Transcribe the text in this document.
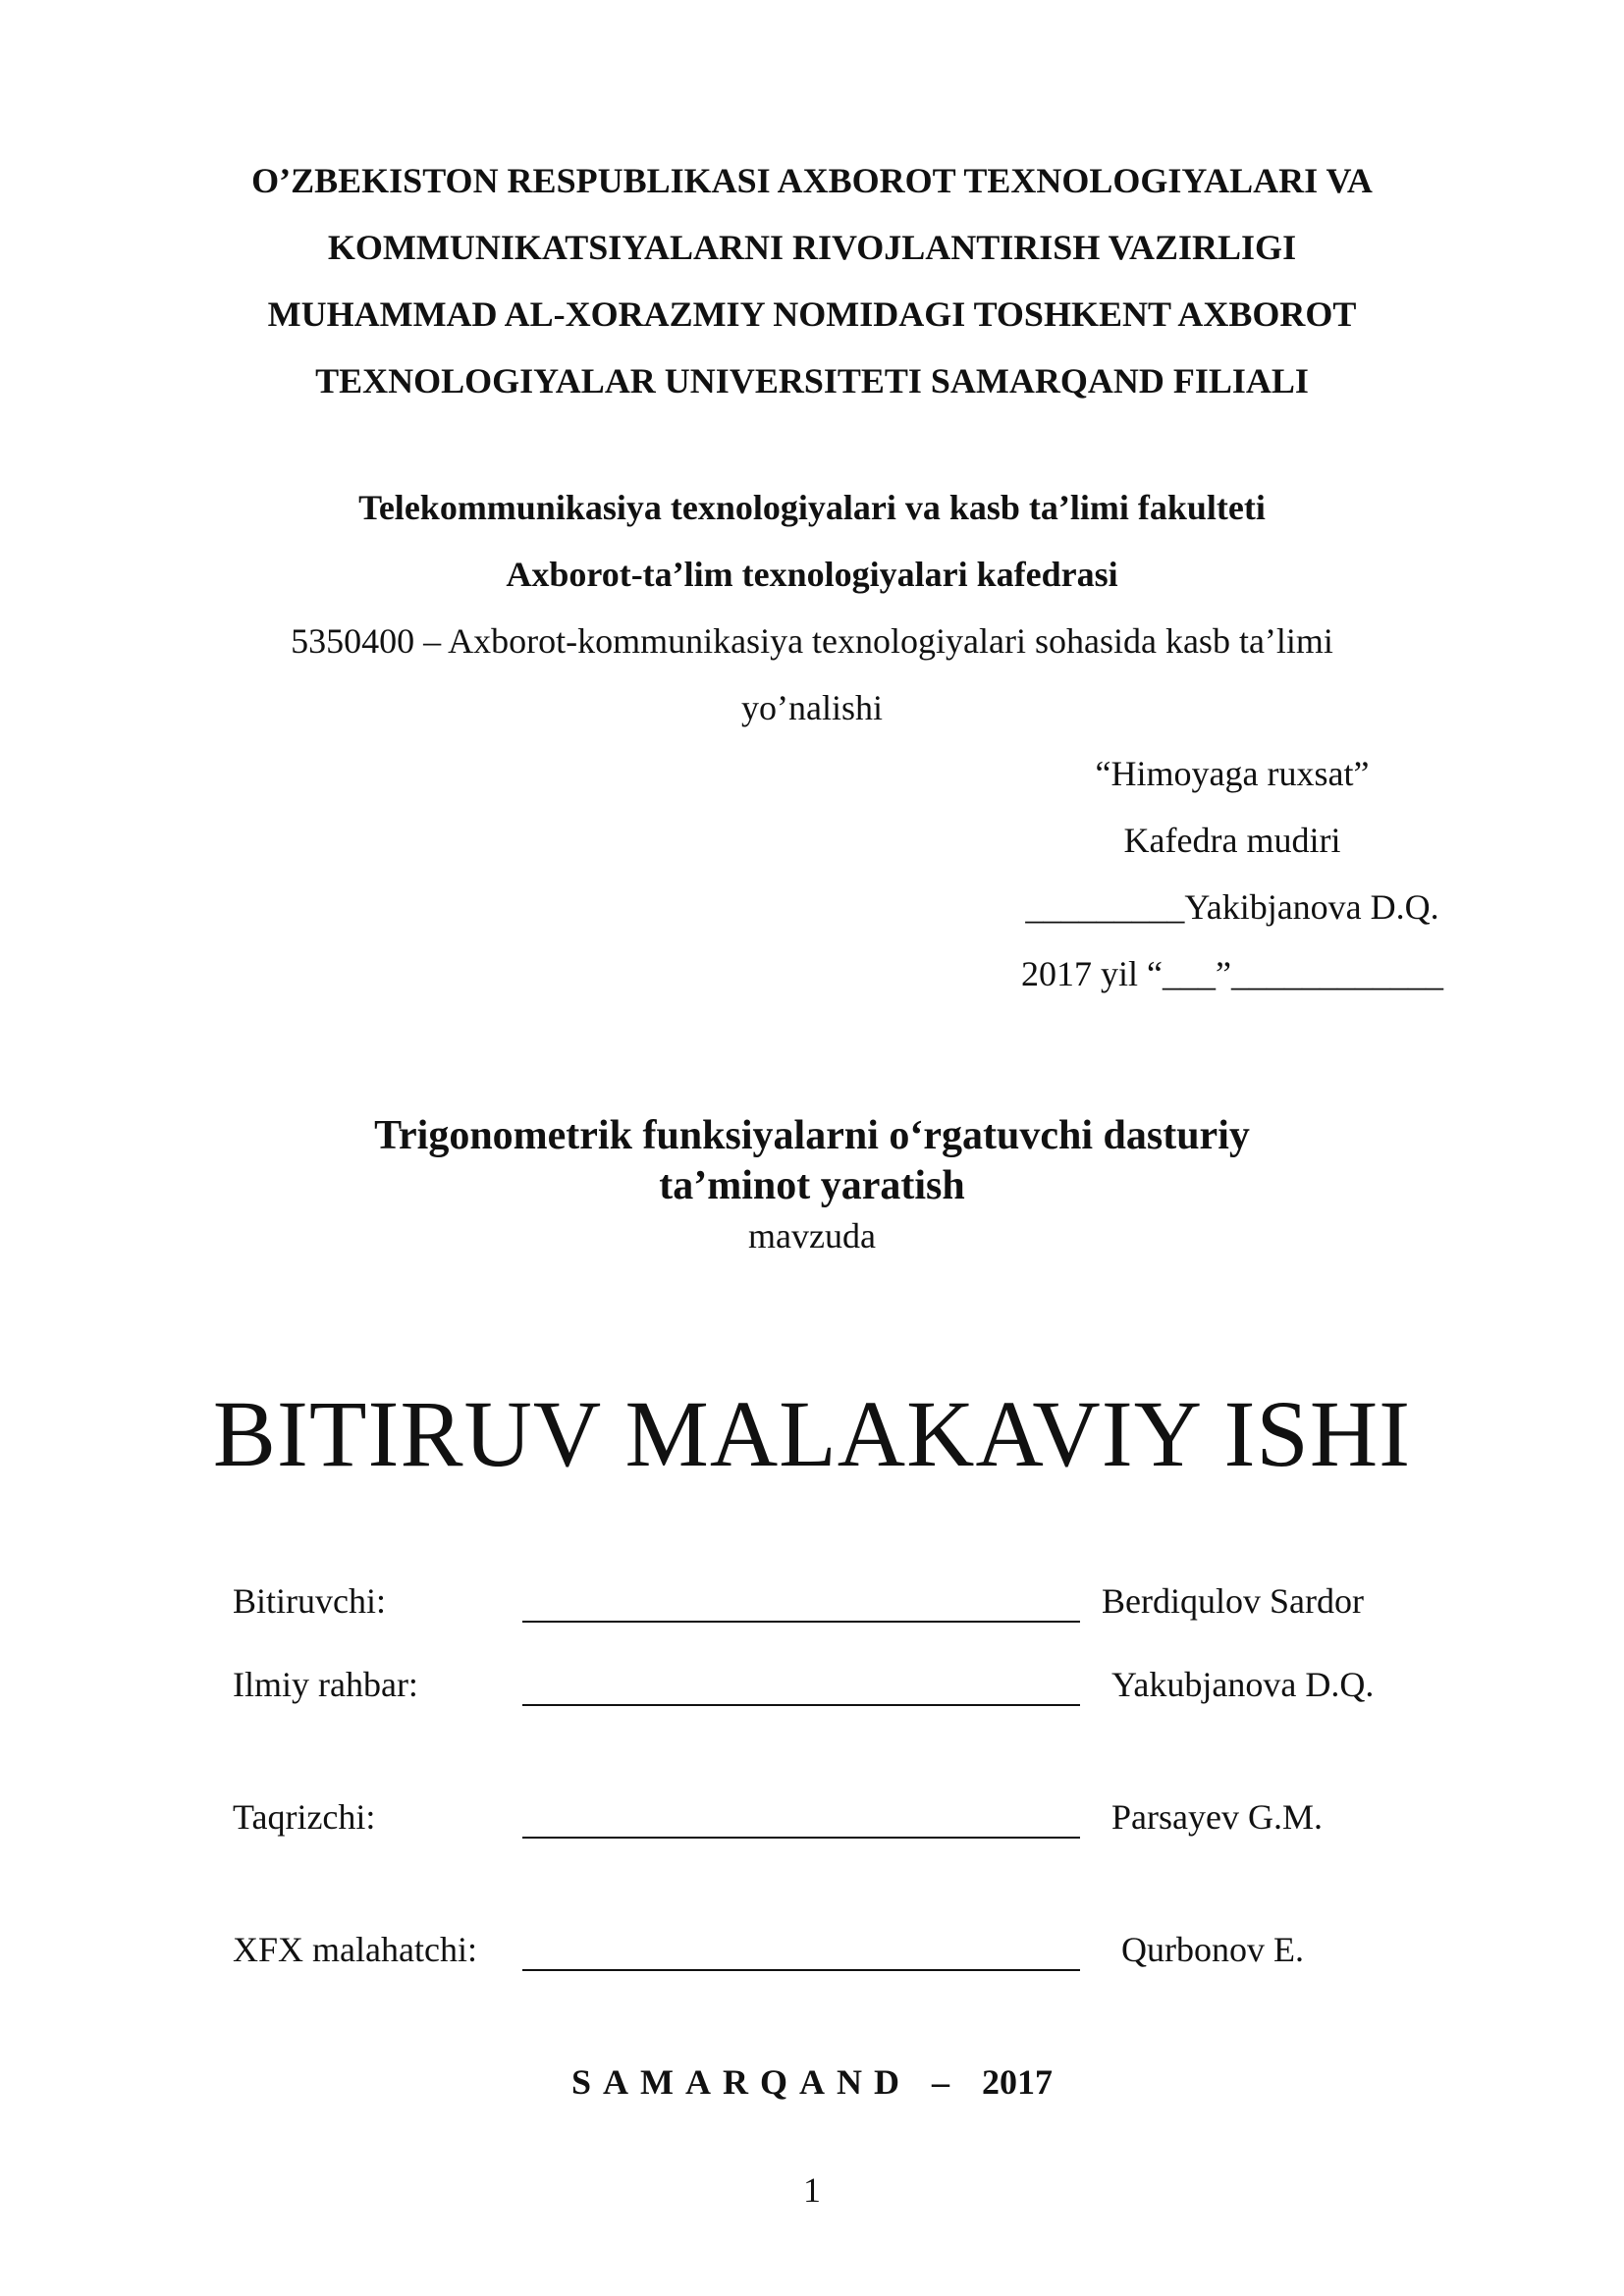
O’ZBEKISTON RESPUBLIKASI AXBOROT TEXNOLOGIYALARI VA
KOMMUNIKATSIYALARNI RIVOJLANTIRISH VAZIRLIGI
MUHAMMAD AL-XORAZMIY NOMIDAGI TOSHKENT AXBOROT
TEXNOLOGIYALAR UNIVERSITETI SAMARQAND FILIALI
Telekommunikasiya texnologiyalari va kasb ta’limi fakulteti
Axborot-ta’lim texnologiyalari kafedrasi
5350400 – Axborot-kommunikasiya texnologiyalari sohasida kasb ta’limi
yo’nalishi
“Himoyaga ruxsat”
Kafedra mudiri
_________Yakibjanova D.Q.
2017 yil “___”____________
Trigonometrik funksiyalarni o‘rgatuvchi dasturiy
ta’minot yaratish
mavzuda
BITIRUV MALAKAVIY ISHI
Bitiruvchi:	Berdiqulov Sardor
Ilmiy rahbar:	Yakubjanova D.Q.
Taqrizchi:	Parsayev G.M.
XFX malahatchi:	Qurbonov E.
SAMARQAND – 2017
1
